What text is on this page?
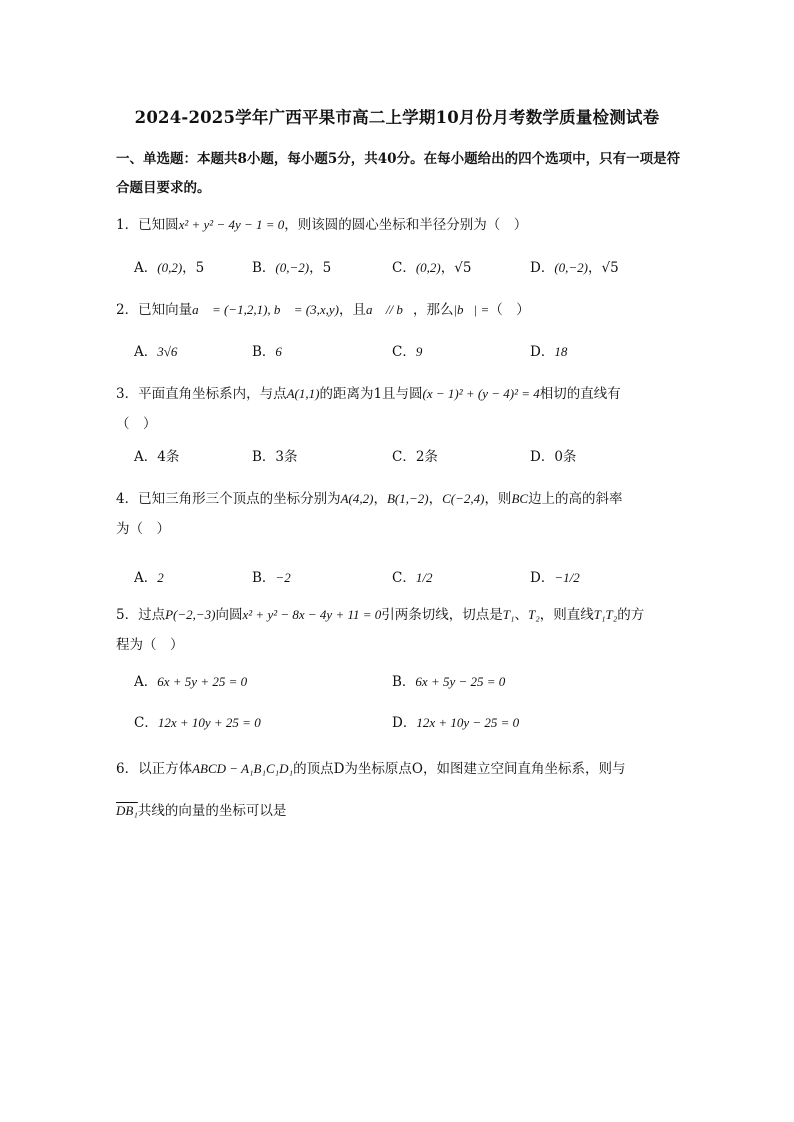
2024-2025学年广西平果市高二上学期10月份月考数学质量检测试卷
一、单选题：本题共8小题，每小题5分，共40分。在每小题给出的四个选项中，只有一项是符合题目要求的。
1．已知圆x² + y² − 4y − 1 = 0，则该圆的圆心坐标和半径分别为（　）
A．(0,2)，5	B．(0,−2)，5	C．(0,2)，√5	D．(0,−2)，√5
2．已知向量a⃗ = (−1,2,1), b⃗ = (3,x,y)，且a⃗ // b⃗，那么|b⃗| =（　）
A．3√6	B．6	C．9	D．18
3．平面直角坐标系内，与点A(1,1)的距离为1且与圆(x − 1)² + (y − 4)² = 4相切的直线有
（　）
A．4条	B．3条	C．2条	D．0条
4．已知三角形三个顶点的坐标分别为A(4,2)，B(1,−2)，C(−2,4)，则BC边上的高的斜率
为（　）
A．2	B．−2	C．1/2	D．−1/2
5．过点P(−2,−3)向圆x² + y² − 8x − 4y + 11 = 0引两条切线，切点是T₁、T₂，则直线T₁T₂的方
程为（　）
A．6x + 5y + 25 = 0	B．6x + 5y − 25 = 0
C．12x + 10y + 25 = 0	D．12x + 10y − 25 = 0
6．以正方体ABCD − A₁B₁C₁D₁的顶点D为坐标原点O，如图建立空间直角坐标系，则与
DB₁共线的向量的坐标可以是
